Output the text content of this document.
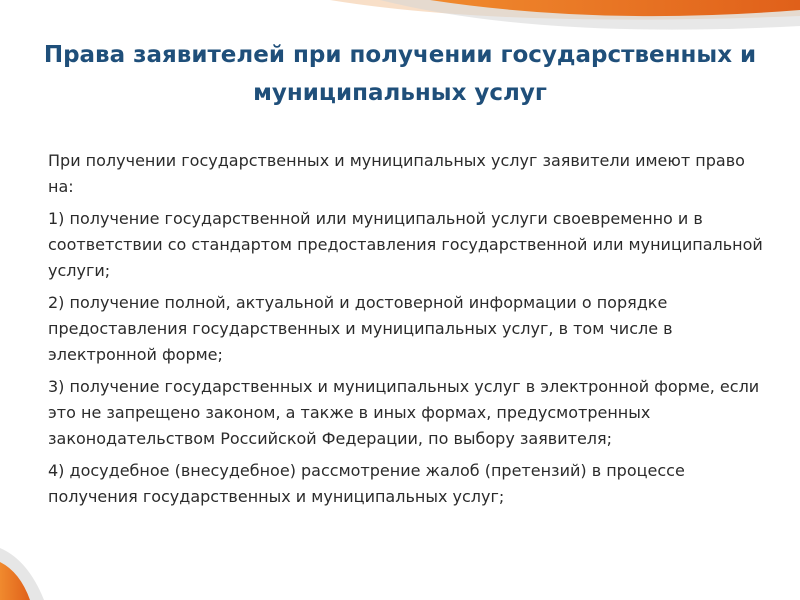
Права заявителей при получении государственных и муниципальных услуг

При получении государственных и муниципальных услуг заявители имеют право на:

1) получение государственной или муниципальной услуги своевременно и в соответствии со стандартом предоставления государственной или муниципальной услуги;

2) получение полной, актуальной и достоверной информации о порядке предоставления государственных и муниципальных услуг, в том числе в электронной форме;

3) получение государственных и муниципальных услуг в электронной форме, если это не запрещено законом, а также в иных формах, предусмотренных законодательством Российской Федерации, по выбору заявителя;

4) досудебное (внесудебное) рассмотрение жалоб (претензий) в процессе получения государственных и муниципальных услуг;
